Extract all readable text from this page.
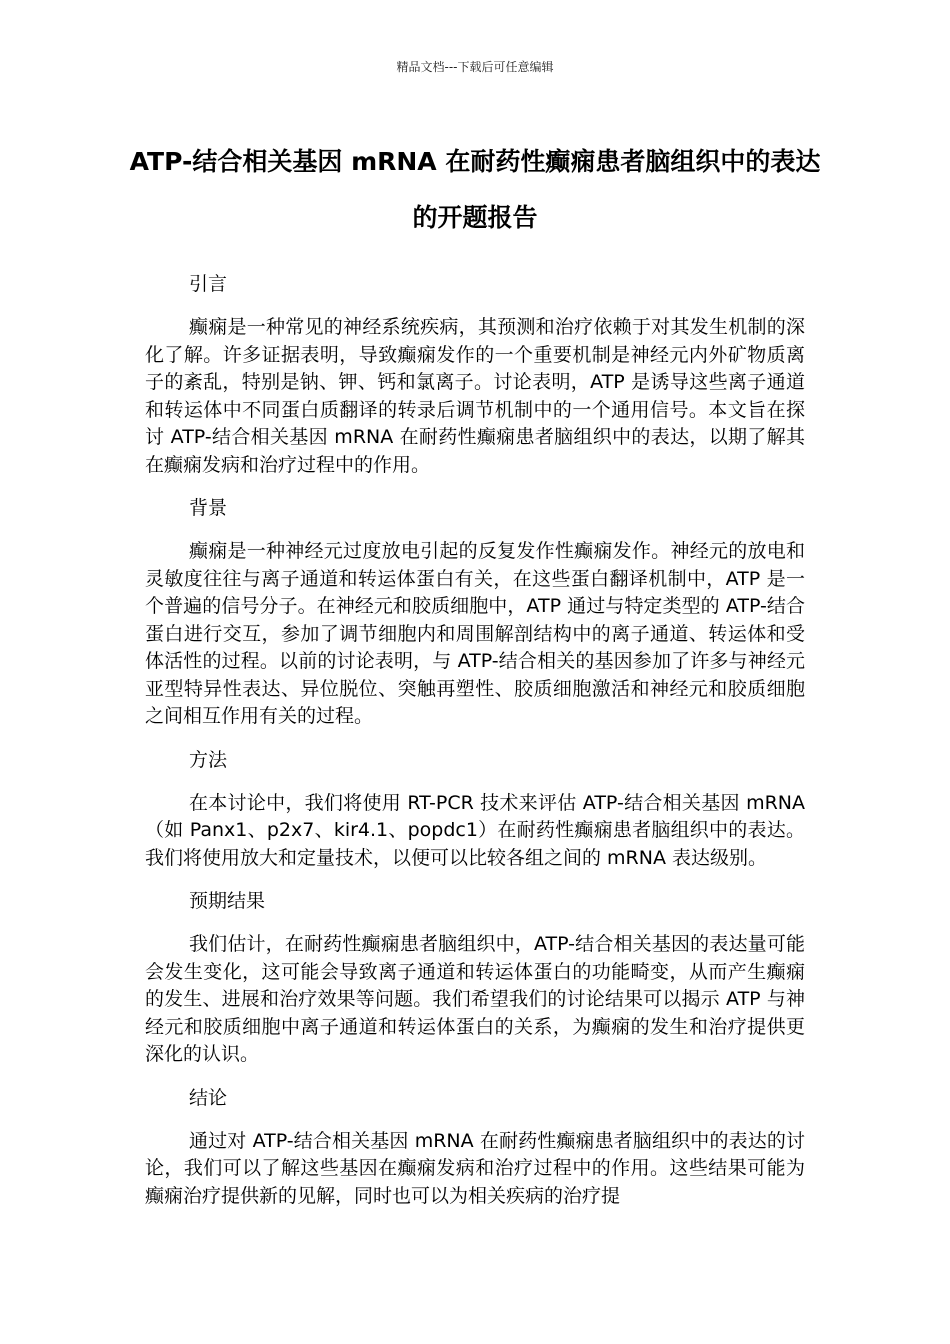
精品文档---下载后可任意编辑
ATP-结合相关基因 mRNA 在耐药性癫痫患者脑组织中的表达的开题报告

引言

癫痫是一种常见的神经系统疾病，其预测和治疗依赖于对其发生机制的深化了解。许多证据表明，导致癫痫发作的一个重要机制是神经元内外矿物质离子的紊乱，特别是钠、钾、钙和氯离子。讨论表明，ATP 是诱导这些离子通道和转运体中不同蛋白质翻译的转录后调节机制中的一个通用信号。本文旨在探讨 ATP-结合相关基因 mRNA 在耐药性癫痫患者脑组织中的表达，以期了解其在癫痫发病和治疗过程中的作用。

背景

癫痫是一种神经元过度放电引起的反复发作性癫痫发作。神经元的放电和灵敏度往往与离子通道和转运体蛋白有关，在这些蛋白翻译机制中，ATP 是一个普遍的信号分子。在神经元和胶质细胞中，ATP 通过与特定类型的 ATP-结合蛋白进行交互，参加了调节细胞内和周围解剖结构中的离子通道、转运体和受体活性的过程。以前的讨论表明，与 ATP-结合相关的基因参加了许多与神经元亚型特异性表达、异位脱位、突触再塑性、胶质细胞激活和神经元和胶质细胞之间相互作用有关的过程。

方法

在本讨论中，我们将使用 RT-PCR 技术来评估 ATP-结合相关基因 mRNA（如 Panx1、p2x7、kir4.1、popdc1）在耐药性癫痫患者脑组织中的表达。我们将使用放大和定量技术，以便可以比较各组之间的 mRNA 表达级别。

预期结果

我们估计，在耐药性癫痫患者脑组织中，ATP-结合相关基因的表达量可能会发生变化，这可能会导致离子通道和转运体蛋白的功能畸变，从而产生癫痫的发生、进展和治疗效果等问题。我们希望我们的讨论结果可以揭示 ATP 与神经元和胶质细胞中离子通道和转运体蛋白的关系，为癫痫的发生和治疗提供更深化的认识。

结论

通过对 ATP-结合相关基因 mRNA 在耐药性癫痫患者脑组织中的表达的讨论，我们可以了解这些基因在癫痫发病和治疗过程中的作用。这些结果可能为癫痫治疗提供新的见解，同时也可以为相关疾病的治疗提
